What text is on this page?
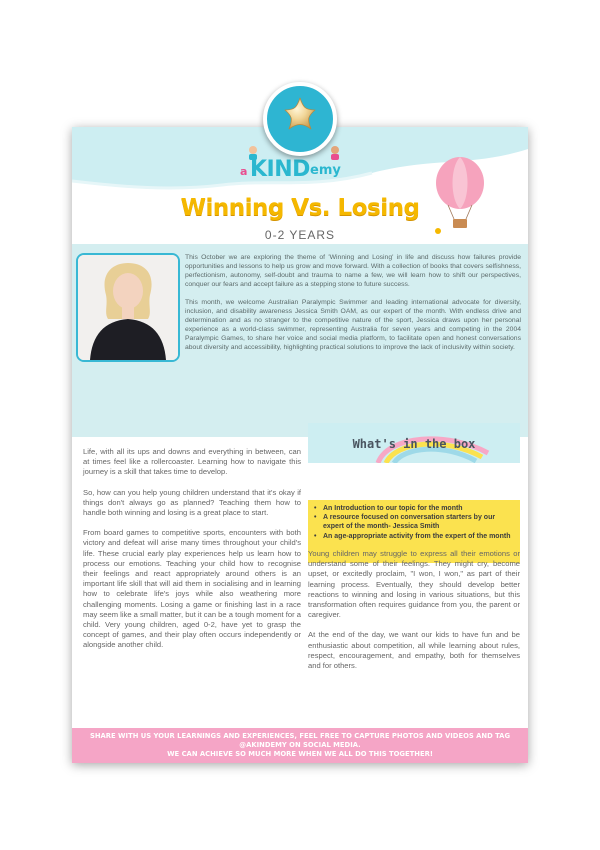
a KIND emy
Winning Vs. Losing
0-2 YEARS

This October we are exploring the theme of 'Winning and Losing' in life and discuss how failures provide opportunities and lessons to help us grow and move forward. With a collection of books that covers selfishness, perfectionism, autonomy, self-doubt and trauma to name a few, we will learn how to shift our perspectives, conquer our fears and accept failure as a stepping stone to future success.

This month, we welcome Australian Paralympic Swimmer and leading international advocate for diversity, inclusion, and disability awareness Jessica Smith OAM, as our expert of the month. With endless drive and determination and as no stranger to the competitive nature of the sport, Jessica draws upon her personal experience as a world-class swimmer, representing Australia for seven years and competing in the 2004 Paralympic Games, to share her voice and social media platform, to facilitate open and honest conversations about diversity and accessibility, highlighting practical solutions to improve the lack of inclusivity within society.

Life, with all its ups and downs and everything in between, can at times feel like a rollercoaster. Learning how to navigate this journey is a skill that takes time to develop.

So, how can you help young children understand that it's okay if things don't always go as planned? Teaching them how to handle both winning and losing is a great place to start.

From board games to competitive sports, encounters with both victory and defeat will arise many times throughout your child's life. These crucial early play experiences help us learn how to process our emotions. Teaching your child how to recognise their feelings and react appropriately around others is an important life skill that will aid them in socialising and in learning how to celebrate life's joys while also weathering more challenging moments. Losing a game or finishing last in a race may seem like a small matter, but it can be a tough moment for a child. Very young children, aged 0-2, have yet to grasp the concept of games, and their play often occurs independently or alongside another child.

What's in the box
• An Introduction to our topic for the month
• A resource focused on conversation starters by our expert of the month- Jessica Smith
• An age-appropriate activity from the expert of the month

Young children may struggle to express all their emotions or understand some of their feelings. They might cry, become upset, or excitedly proclaim, "I won, I won," as part of their learning process. Eventually, they should develop better reactions to winning and losing in various situations, but this transformation often requires guidance from you, the parent or caregiver.

At the end of the day, we want our kids to have fun and be enthusiastic about competition, all while learning about rules, respect, encouragement, and empathy, both for themselves and for others.

SHARE WITH US YOUR LEARNINGS AND EXPERIENCES, FEEL FREE TO CAPTURE PHOTOS AND VIDEOS AND TAG @AKINDEMY ON SOCIAL MEDIA.
WE CAN ACHIEVE SO MUCH MORE WHEN WE ALL DO THIS TOGETHER!
